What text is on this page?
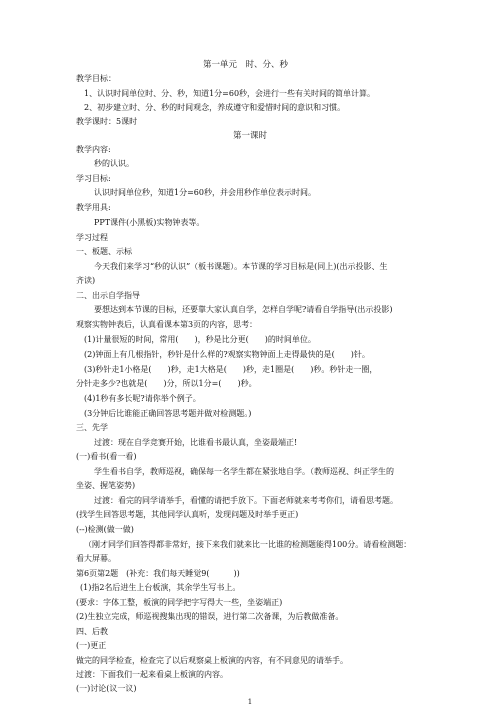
第一单元　时、分、秒
教学目标：
1、认识时间单位时、分、秒，知道1分=60秒，会进行一些有关时间的简单计算。
2、初步建立时、分、秒的时间观念，养成遵守和爱惜时间的意识和习惯。
教学课时：5课时
第一课时
教学内容:
秒的认识。
学习目标:
认识时间单位秒，知道1分=60秒，并会用秒作单位表示时间。
教学用具:
PPT课件(小黑板)实物钟表等。
学习过程
一、板题、示标
今天我们来学习“秒的认识”（板书课题）。本节课的学习目标是(同上)(出示投影、生
齐读)
二、出示自学指导
要想达到本节课的目标，还要靠大家认真自学，怎样自学呢?请看自学指导(出示投影)
观察实物钟表后，认真看课本第3页的内容，思考：
(1)计量很短的时间，常用(　　)，秒是比分更(　　)的时间单位。
(2)钟面上有几根指针，秒针是什么样的?观察实物钟面上走得最快的是(　　)针。
(3)秒针走1小格是(　　)秒，走1大格是(　　)秒，走1圈是(　　)秒。秒针走一圈，
分针走多少?也就是(　　)分，所以1分=(　　)秒。
(4)1秒有多长呢?请你举个例子。
(3分钟后比谁能正确回答思考题并做对检测题。)
三、先学
过渡：现在自学竞赛开始，比谁看书最认真，坐姿最端正!
(一)看书(看一看)
学生看书自学，教师巡视，确保每一名学生都在紧张地自学。（教师巡视、纠正学生的
坐姿、握笔姿势)
过渡：看完的同学请举手，看懂的请把手放下。下面老师就来考考你们，请看思考题。
(找学生回答思考题，其他同学认真听，发现问题及时举手更正)
(--)检测(做一做)
（刚才同学们回答得都非常好，接下来我们就来比一比谁的检测题能得100分。请看检测题：
看大屏幕。
第6页第2题　(补充：我们每天睡觉9(　　　))
(1)指2名后进生上台板演，其余学生写书上。
(要求：字体工整，板演的同学把字写得大一些，坐姿端正)
(2)生独立完成，师巡视搜集出现的错误，进行第二次备课，为后教做准备。
四、后教
(一)更正
做完的同学检查，检查完了以后观察桌上板演的内容，有不同意见的请举手。
过渡：下面我们一起来看桌上板演的内容。
(一)讨论(议一议)
1
